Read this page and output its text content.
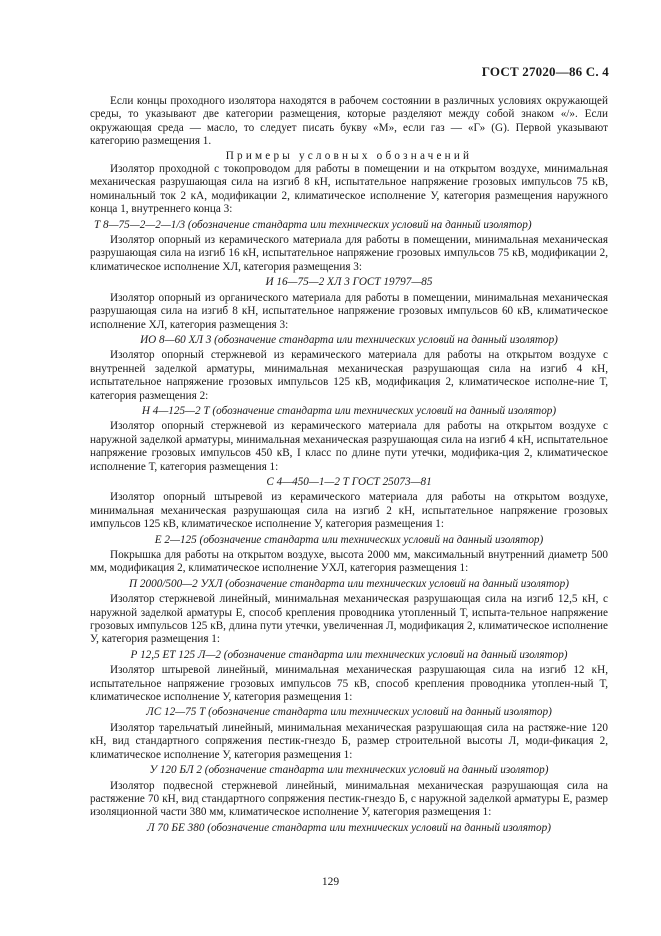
ГОСТ 27020—86 С. 4

Если концы проходного изолятора находятся в рабочем состоянии в различных условиях окружающей среды, то указывают две категории размещения, которые разделяют между собой знаком «/». Если окружающая среда — масло, то следует писать букву «М», если газ — «Г» (G). Первой указывают категорию размещения 1.

Примеры условных обозначений

Изолятор проходной с токопроводом для работы в помещении и на открытом воздухе, минимальная механическая разрушающая сила на изгиб 8 кН, испытательное напряжение грозовых импульсов 75 кВ, номинальный ток 2 кА, модификации 2, климатическое исполнение У, категория размещения наружного конца 1, внутреннего конца 3:

Т 8—75—2—2—1/3 (обозначение стандарта или технических условий на данный изолятор)

Изолятор опорный из керамического материала для работы в помещении, минимальная механическая разрушающая сила на изгиб 16 кН, испытательное напряжение грозовых импульсов 75 кВ, модификации 2, климатическое исполнение ХЛ, категория размещения 3:

И 16—75—2 ХЛ 3 ГОСТ 19797—85

Изолятор опорный из органического материала для работы в помещении, минимальная механическая разрушающая сила на изгиб 8 кН, испытательное напряжение грозовых импульсов 60 кВ, климатическое исполнение ХЛ, категория размещения 3:

ИО 8—60 ХЛ 3 (обозначение стандарта или технических условий на данный изолятор)

Изолятор опорный стержневой из керамического материала для работы на открытом воздухе с внутренней заделкой арматуры, минимальная механическая разрушающая сила на изгиб 4 кН, испытательное напряжение грозовых импульсов 125 кВ, модификация 2, климатическое исполне-ние Т, категория размещения 2:

Н 4—125—2 Т (обозначение стандарта или технических условий на данный изолятор)

Изолятор опорный стержневой из керамического материала для работы на открытом воздухе с наружной заделкой арматуры, минимальная механическая разрушающая сила на изгиб 4 кН, испытательное напряжение грозовых импульсов 450 кВ, I класс по длине пути утечки, модифика-ция 2, климатическое исполнение Т, категория размещения 1:

С 4—450—1—2 Т ГОСТ 25073—81

Изолятор опорный штыревой из керамического материала для работы на открытом воздухе, минимальная механическая разрушающая сила на изгиб 2 кН, испытательное напряжение грозовых импульсов 125 кВ, климатическое исполнение У, категория размещения 1:

Е 2—125 (обозначение стандарта или технических условий на данный изолятор)

Покрышка для работы на открытом воздухе, высота 2000 мм, максимальный внутренний диаметр 500 мм, модификация 2, климатическое исполнение УХЛ, категория размещения 1:

П 2000/500—2 УХЛ (обозначение стандарта или технических условий на данный изолятор)

Изолятор стержневой линейный, минимальная механическая разрушающая сила на изгиб 12,5 кН, с наружной заделкой арматуры Е, способ крепления проводника утопленный Т, испыта-тельное напряжение грозовых импульсов 125 кВ, длина пути утечки, увеличенная Л, модификация 2, климатическое исполнение У, категория размещения 1:

Р 12,5 ЕТ 125 Л—2 (обозначение стандарта или технических условий на данный изолятор)

Изолятор штыревой линейный, минимальная механическая разрушающая сила на изгиб 12 кН, испытательное напряжение грозовых импульсов 75 кВ, способ крепления проводника утоплен-ный Т, климатическое исполнение У, категория размещения 1:

ЛС 12—75 Т (обозначение стандарта или технических условий на данный изолятор)

Изолятор тарельчатый линейный, минимальная механическая разрушающая сила на растяже-ние 120 кН, вид стандартного сопряжения пестик-гнездо Б, размер строительной высоты Л, моди-фикация 2, климатическое исполнение У, категория размещения 1:

У 120 БЛ 2 (обозначение стандарта или технических условий на данный изолятор)

Изолятор подвесной стержневой линейный, минимальная механическая разрушающая сила на растяжение 70 кН, вид стандартного сопряжения пестик-гнездо Б, с наружной заделкой арматуры Е, размер изоляционной части 380 мм, климатическое исполнение У, категория размещения 1:

Л 70 БЕ 380 (обозначение стандарта или технических условий на данный изолятор)

129
